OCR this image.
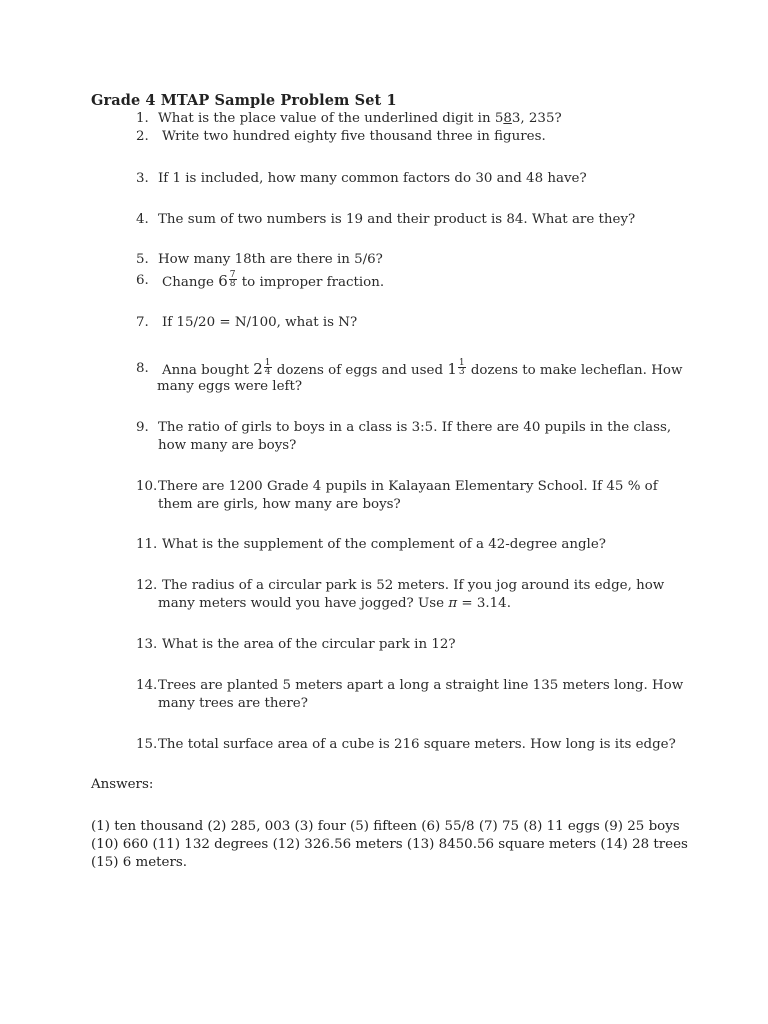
Grade 4 MTAP Sample Problem Set 1
1. What is the place value of the underlined digit in 583, 235?
2. Write two hundred eighty five thousand three in figures.
3. If 1 is included, how many common factors do 30 and 48 have?
4. The sum of two numbers is 19 and their product is 84. What are they?
5. How many 18th are there in 5/6?
6. Change $6 \frac{7}{8}$ to improper fraction.
7. If 15/20 = N/100, what is N?
8. Anna bought $2 \frac{1}{4}$ dozens of eggs and used $1 \frac{1}{3}$ dozens to make lecheflan. How
many eggs were left?
9. The ratio of girls to boys in a class is 3:5. If there are 40 pupils in the class,
how many are boys?
10. There are 1200 Grade 4 pupils in Kalayaan Elementary School. If 45 % of
them are girls, how many are boys?
11. What is the supplement of the complement of a 42-degree angle?
12. The radius of a circular park is 52 meters. If you jog around its edge, how
many meters would you have jogged? Use π = 3.14.
13. What is the area of the circular park in 12?
14. Trees are planted 5 meters apart a long a straight line 135 meters long. How
many trees are there?
15. The total surface area of a cube is 216 square meters. How long is its edge?
Answers:
(1) ten thousand (2) 285, 003 (3) four (5) fifteen (6) 55/8 (7) 75 (8) 11 eggs (9) 25 boys
(10) 660 (11) 132 degrees (12) 326.56 meters (13) 8450.56 square meters (14) 28 trees
(15) 6 meters.
